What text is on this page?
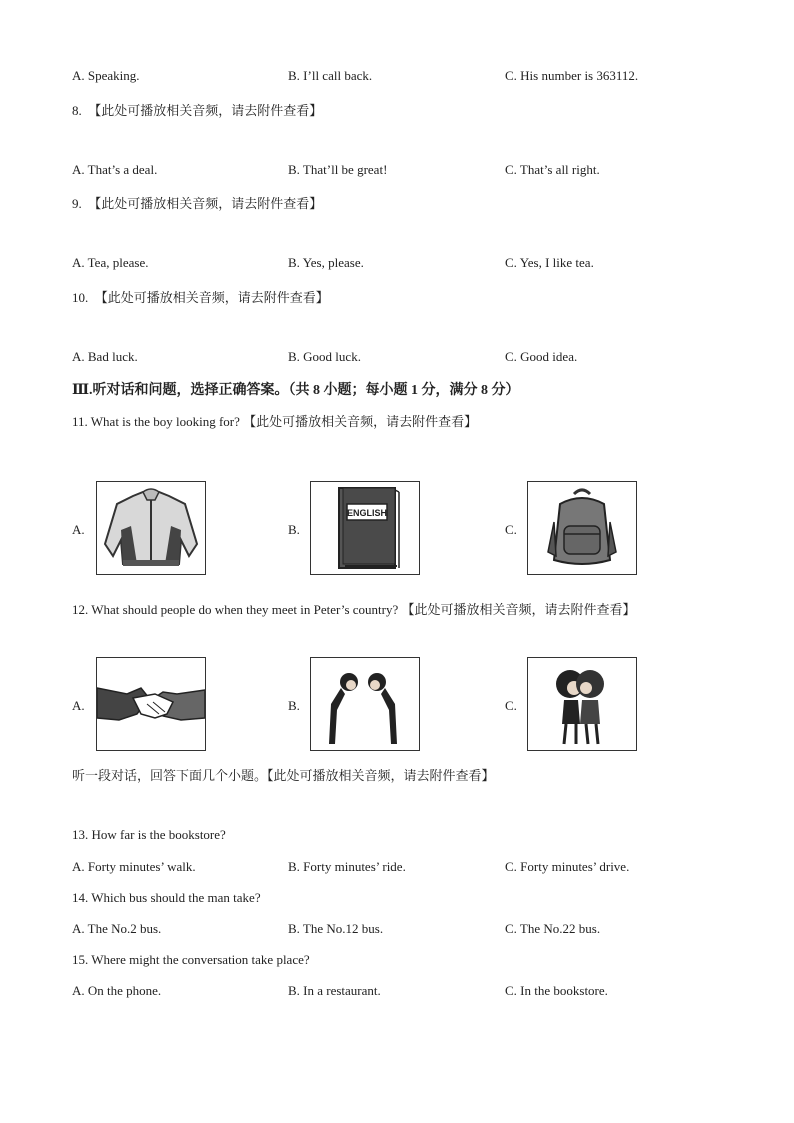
A. Speaking.	B. I’ll call back.	C. His number is 363112.
8.　【此处可播放相关音频，请去附件查看】
A. That’s a deal.	B. That’ll be great!	C. That’s all right.
9.　【此处可播放相关音频，请去附件查看】
A. Tea, please.	B. Yes, please.	C. Yes, I like tea.
10.　【此处可播放相关音频，请去附件查看】
A. Bad luck.	B. Good luck.	C. Good idea.
Ⅲ.听对话和问题，选择正确答案。（共 8 小题；每小题 1 分，满分 8 分）
11. What is the boy looking for? 【此处可播放相关音频，请去附件查看】
A.	B.
ENGLISH
C.
12. What should people do when they meet in Peter’s country? 【此处可播放相关音频，请去附件查看】
A.	B.	C.
听一段对话，回答下面几个小题。【此处可播放相关音频，请去附件查看】
13. How far is the bookstore?
A. Forty minutes’ walk.	B. Forty minutes’ ride.	C. Forty minutes’ drive.
14. Which bus should the man take?
A. The No.2 bus.	B. The No.12 bus.	C. The No.22 bus.
15. Where might the conversation take place?
A. On the phone.	B. In a restaurant.	C. In the bookstore.
